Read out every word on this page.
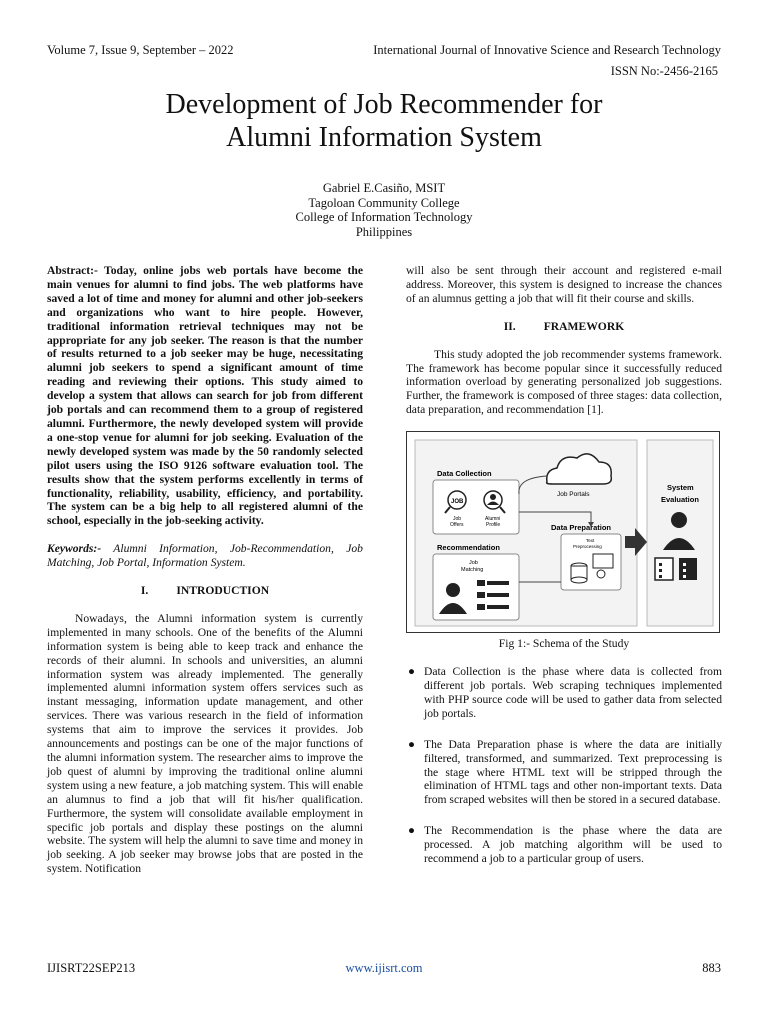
Volume 7, Issue 9, September – 2022	International Journal of Innovative Science and Research Technology
ISSN No:-2456-2165
Development of Job Recommender for
Alumni Information System
Gabriel E.Casiño, MSIT
Tagoloan Community College
College of Information Technology
Philippines

Abstract:- Today, online jobs web portals have become the main venues for alumni to find jobs. The web platforms have saved a lot of time and money for alumni and other job-seekers and organizations who want to hire people. However, traditional information retrieval techniques may not be appropriate for any job seeker. The reason is that the number of results returned to a job seeker may be huge, necessitating alumni job seekers to spend a significant amount of time reading and reviewing their options. This study aimed to develop a system that allows can search for job from different job portals and can recommend them to a group of registered alumni. Furthermore, the newly developed system will provide a one-stop venue for alumni for job seeking. Evaluation of the newly developed system was made by the 50 randomly selected pilot users using the ISO 9126 software evaluation tool. The results show that the system performs excellently in terms of functionality, reliability, usability, efficiency, and portability. The system can be a big help to all registered alumni of the school, especially in the job-seeking activity.

Keywords:- Alumni Information, Job-Recommendation, Job Matching, Job Portal, Information System.

I. INTRODUCTION

Nowadays, the Alumni information system is currently implemented in many schools. One of the benefits of the Alumni information system is being able to keep track and enhance the records of their alumni. In schools and universities, an alumni information system was already implemented. The generally implemented alumni information system offers services such as instant messaging, information update management, and other services. There was various research in the field of information systems that aim to improve the services it provides. Job announcements and postings can be one of the major functions of the alumni information system. The researcher aims to improve the job quest of alumni by improving the traditional online alumni system using a new feature, a job matching system. This will enable an alumnus to find a job that will fit his/her qualification. Furthermore, the system will consolidate available employment in specific job portals and display these postings on the alumni website. The system will help the alumni to save time and money in job seeking. A job seeker may browse jobs that are posted in the system. Notification

will also be sent through their account and registered e-mail address. Moreover, this system is designed to increase the chances of an alumnus getting a job that will fit their course and skills.

II. FRAMEWORK

This study adopted the job recommender systems framework. The framework has become popular since it successfully reduced information overload by generating personalized job suggestions. Further, the framework is composed of three stages: data collection, data preparation, and recommendation [1].

Data Collection
JOB
Job
Offers
Alumni
Profile
Job Portals
Data Preparation
Text
Preprocessing
Recommendation
Job
Matching
System
Evaluation
Fig 1:- Schema of the Study
● Data Collection is the phase where data is collected from different job portals. Web scraping techniques implemented with PHP source code will be used to gather data from selected job portals.
● The Data Preparation phase is where the data are initially filtered, transformed, and summarized. Text preprocessing is the stage where HTML text will be stripped through the elimination of HTML tags and other non-important texts. Data from scraped websites will then be stored in a secured database.
● The Recommendation is the phase where the data are processed. A job matching algorithm will be used to recommend a job to a particular group of users.
IJISRT22SEP213	www.ijisrt.com	883
